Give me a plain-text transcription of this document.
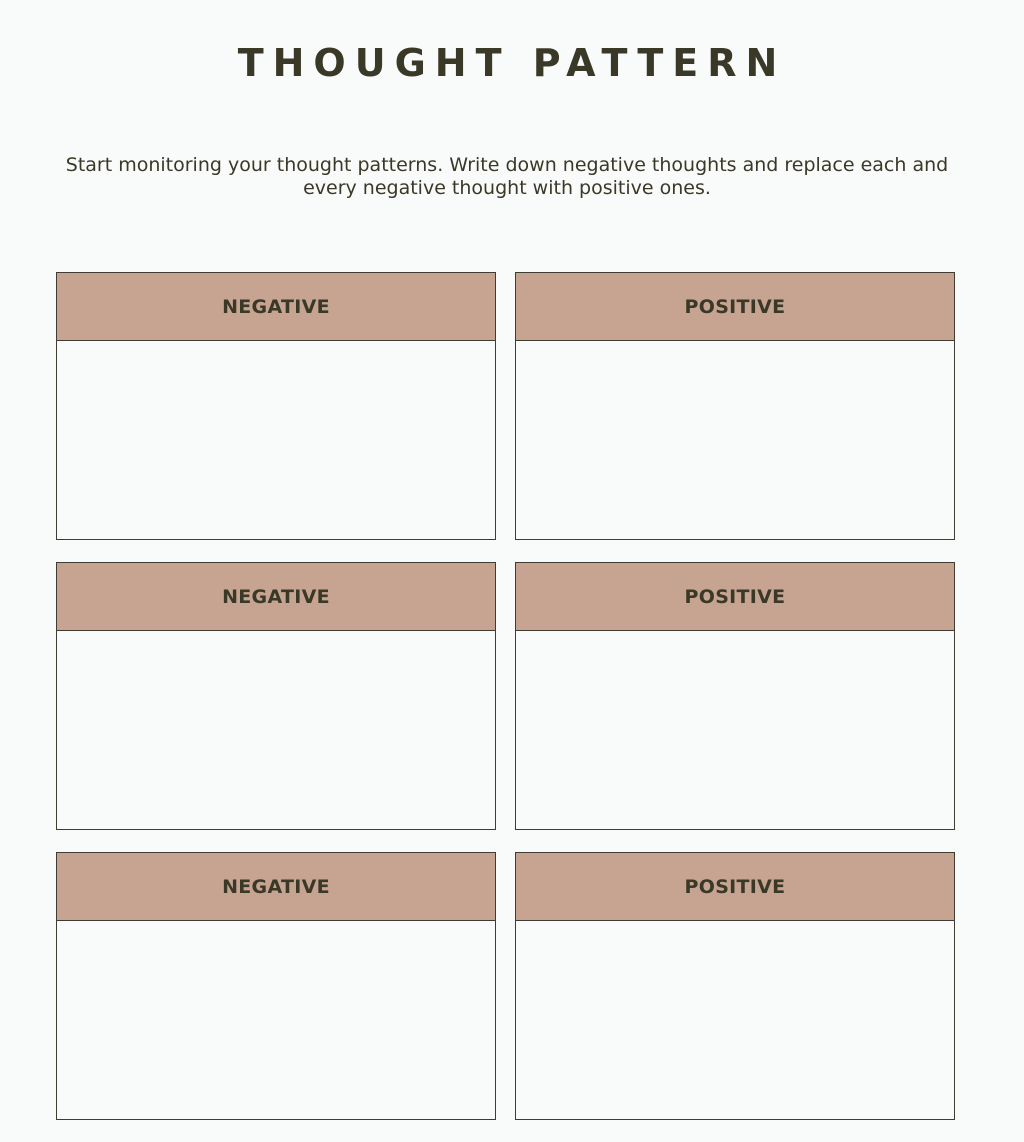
THOUGHT PATTERN
Start monitoring your thought patterns. Write down negative thoughts and replace each and every negative thought with positive ones.
NEGATIVE	POSITIVE
NEGATIVE	POSITIVE
NEGATIVE	POSITIVE
